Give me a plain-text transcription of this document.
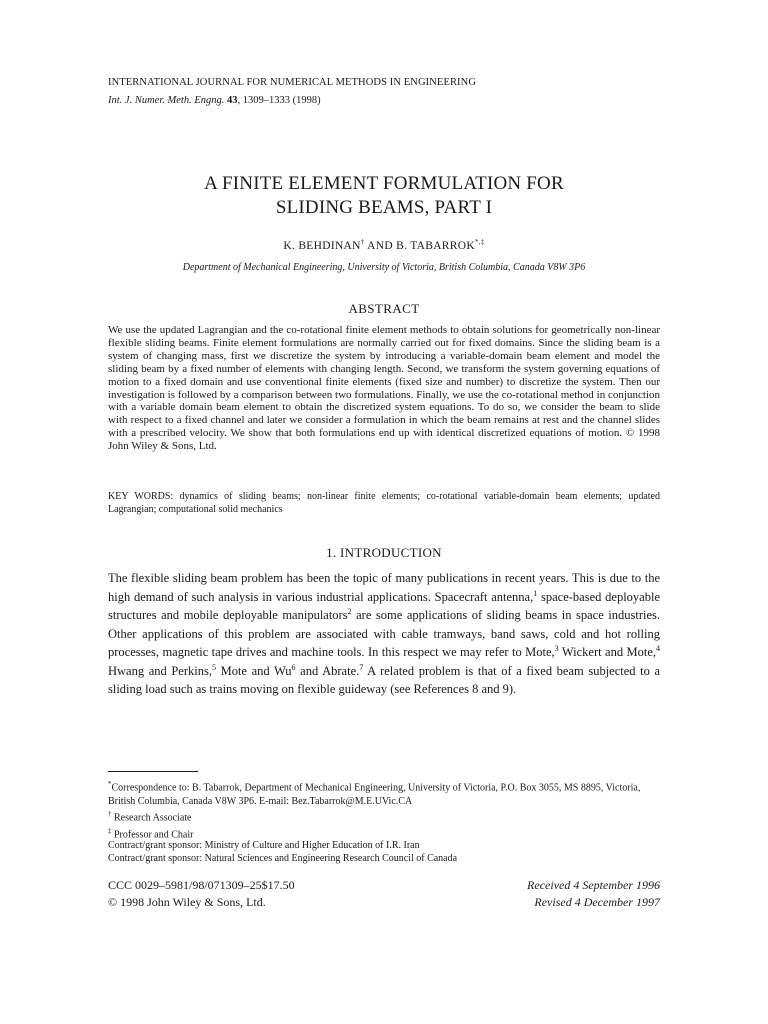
INTERNATIONAL JOURNAL FOR NUMERICAL METHODS IN ENGINEERING
Int. J. Numer. Meth. Engng. 43, 1309–1333 (1998)
A FINITE ELEMENT FORMULATION FOR
SLIDING BEAMS, PART I
K. BEHDINAN† AND B. TABARROK*,‡
Department of Mechanical Engineering, University of Victoria, British Columbia, Canada V8W 3P6
ABSTRACT
We use the updated Lagrangian and the co-rotational finite element methods to obtain solutions for geometrically non-linear flexible sliding beams. Finite element formulations are normally carried out for fixed domains. Since the sliding beam is a system of changing mass, first we discretize the system by introducing a variable-domain beam element and model the sliding beam by a fixed number of elements with changing length. Second, we transform the system governing equations of motion to a fixed domain and use conventional finite elements (fixed size and number) to discretize the system. Then our investigation is followed by a comparison between two formulations. Finally, we use the co-rotational method in conjunction with a variable domain beam element to obtain the discretized system equations. To do so, we consider the beam to slide with respect to a fixed channel and later we consider a formulation in which the beam remains at rest and the channel slides with a prescribed velocity. We show that both formulations end up with identical discretized equations of motion. © 1998 John Wiley & Sons, Ltd.
KEY WORDS: dynamics of sliding beams; non-linear finite elements; co-rotational variable-domain beam elements; updated Lagrangian; computational solid mechanics
1. INTRODUCTION
The flexible sliding beam problem has been the topic of many publications in recent years. This is due to the high demand of such analysis in various industrial applications. Spacecraft antenna,$^1$ space-based deployable structures and mobile deployable manipulators$^2$ are some applications of sliding beams in space industries. Other applications of this problem are associated with cable tramways, band saws, cold and hot rolling processes, magnetic tape drives and machine tools. In this respect we may refer to Mote,$^3$ Wickert and Mote,$^4$ Hwang and Perkins,$^5$ Mote and Wu$^6$ and Abrate.$^7$ A related problem is that of a fixed beam subjected to a sliding load such as trains moving on flexible guideway (see References 8 and 9).

*Correspondence to: B. Tabarrok, Department of Mechanical Engineering, University of Victoria, P.O. Box 3055, MS 8895, Victoria, British Columbia, Canada V8W 3P6. E-mail: Bez.Tabarrok@M.E.UVic.CA

† Research Associate

‡ Professor and Chair

Contract/grant sponsor: Ministry of Culture and Higher Education of I.R. Iran

Contract/grant sponsor: Natural Sciences and Engineering Research Council of Canada

CCC 0029–5981/98/071309–25$17.50

© 1998 John Wiley & Sons, Ltd.

Received 4 September 1996

Revised 4 December 1997
